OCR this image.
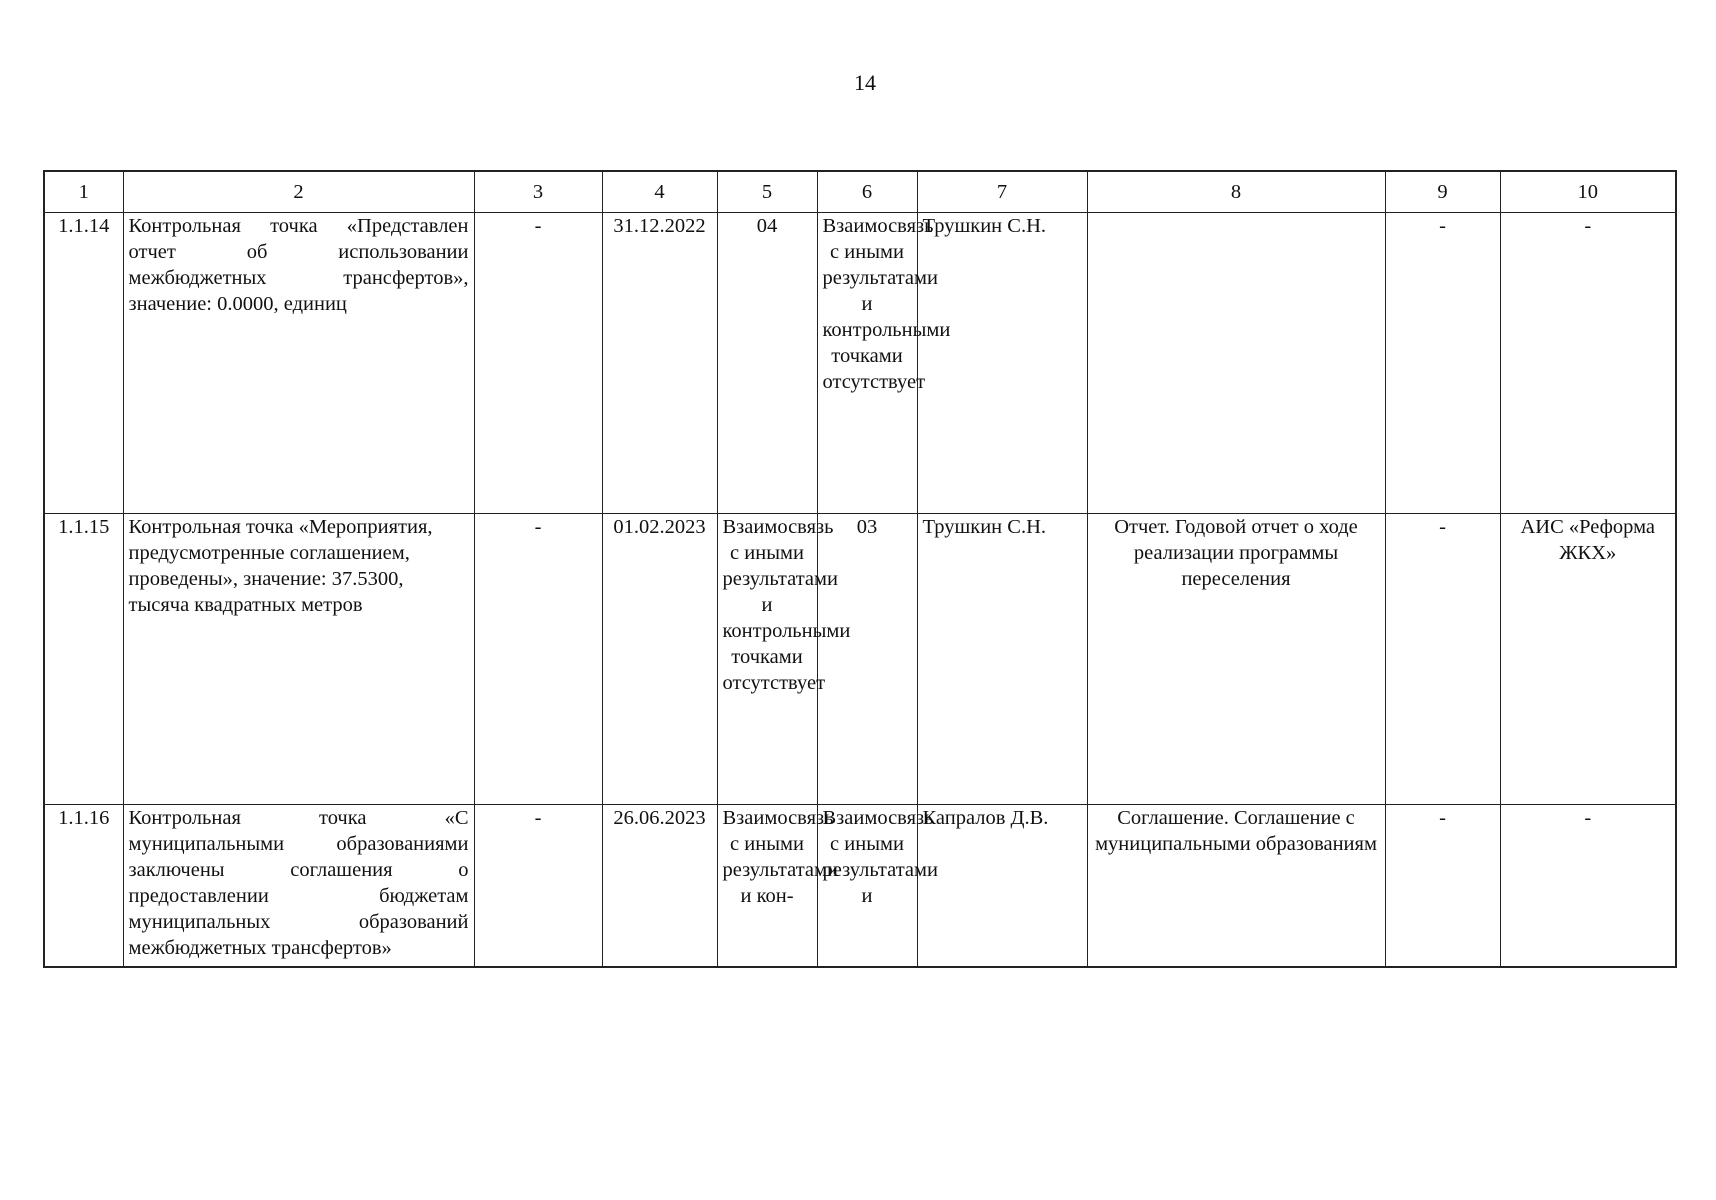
14
1	2	3	4	5	6	7	8	9	10
1.1.14	Контрольная точка «Представлен отчет об использовании межбюджетных трансфертов», значение: 0.0000, единиц	-	31.12.2022	04	Взаимосвязь с иными результатами и контрольными точками отсутствует	Трушкин С.Н.		-	-
1.1.15	Контрольная точка «Мероприятия, предусмотренные соглашением, проведены», значение: 37.5300, тысяча квадратных метров	-	01.02.2023	Взаимосвязь с иными результатами и контрольными точками отсутствует	03	Трушкин С.Н.	Отчет. Годовой отчет о ходе реализации программы переселения	-	АИС «Реформа ЖКХ»
1.1.16	Контрольная точка «С муниципальными образованиями заключены соглашения о предоставлении бюджетам муниципальных образований межбюджетных трансфертов»	-	26.06.2023	Взаимосвязь с иными результатами и кон-	Взаимосвязь с иными результатами и	Капралов Д.В.	Соглашение. Соглашение с муниципальными образованиям	-	-
